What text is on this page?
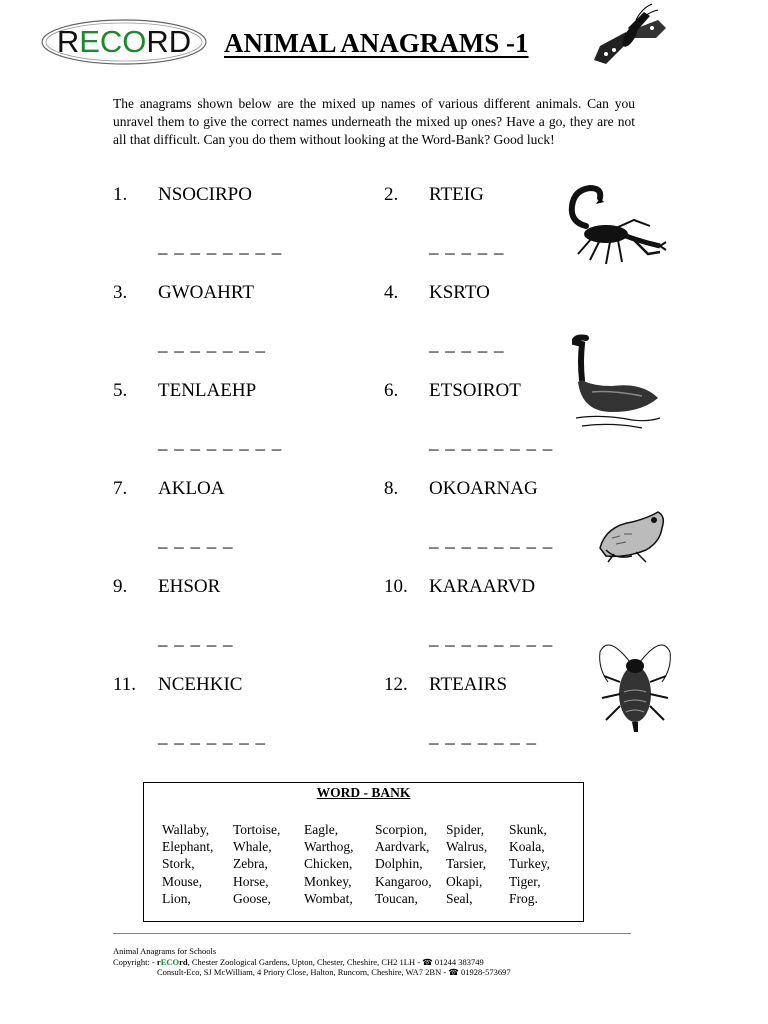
R ECO RD ANIMAL ANAGRAMS -1
The anagrams shown below are the mixed up names of various different animals. Can you unravel them to give the correct names underneath the mixed up ones? Have a go, they are not all that difficult. Can you do them without looking at the Word-Bank? Good luck!
1. NSOCIRPO
_ _ _ _ _ _ _ _
2. RTEIG
_ _ _ _ _
3. GWOAHRT
_ _ _ _ _ _ _
4. KSRTO
_ _ _ _ _
5. TENLAEHP
_ _ _ _ _ _ _ _
6. ETSOIROT
_ _ _ _ _ _ _ _
7. AKLOA
_ _ _ _ _
8. OKOARNAG
_ _ _ _ _ _ _ _
9. EHSOR
_ _ _ _ _
10. KARAARVD
_ _ _ _ _ _ _ _
11. NCEHKIC
_ _ _ _ _ _ _
12. RTEAIRS
_ _ _ _ _ _ _
WORD - BANK
Wallaby,
Elephant,
Stork,
Mouse,
Lion,
Tortoise,
Whale,
Zebra,
Horse,
Goose,
Eagle,
Warthog,
Chicken,
Monkey,
Wombat,
Scorpion,
Aardvark,
Dolphin,
Kangaroo,
Toucan,
Spider,
Walrus,
Tarsier,
Okapi,
Seal,
Skunk,
Koala,
Turkey,
Tiger,
Frog.
Animal Anagrams for Schools
Copyright: - rECOrd, Chester Zoological Gardens, Upton, Chester, Cheshire, CH2 1LH - ☎ 01244 383749
Consult-Eco, SJ McWilliam, 4 Priory Close, Halton, Runcorn, Cheshire, WA7 2BN - ☎ 01928-573697
